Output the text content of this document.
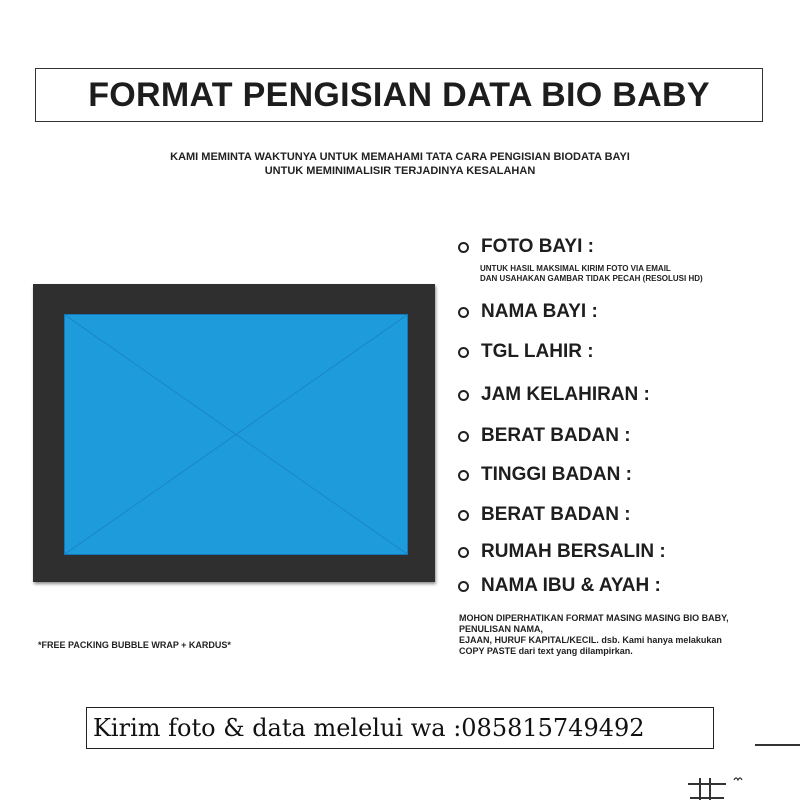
FORMAT PENGISIAN DATA BIO BABY
KAMI MEMINTA WAKTUNYA UNTUK MEMAHAMI TATA CARA PENGISIAN BIODATA BAYI
UNTUK MEMINIMALISIR TERJADINYA KESALAHAN
FOTO BAYI :
UNTUK HASIL MAKSIMAL KIRIM FOTO VIA EMAIL
DAN USAHAKAN GAMBAR TIDAK PECAH (RESOLUSI HD)
NAMA BAYI :
TGL LAHIR :
JAM KELAHIRAN :
BERAT BADAN :
TINGGI BADAN :
BERAT BADAN :
RUMAH BERSALIN :
NAMA IBU & AYAH :
MOHON DIPERHATIKAN FORMAT MASING MASING BIO BABY,
PENULISAN NAMA,
EJAAN, HURUF KAPITAL/KECIL. dsb. Kami hanya melakukan
COPY PASTE dari text yang dilampirkan.
*FREE PACKING BUBBLE WRAP + KARDUS*
Kirim foto & data melelui wa :085815749492
